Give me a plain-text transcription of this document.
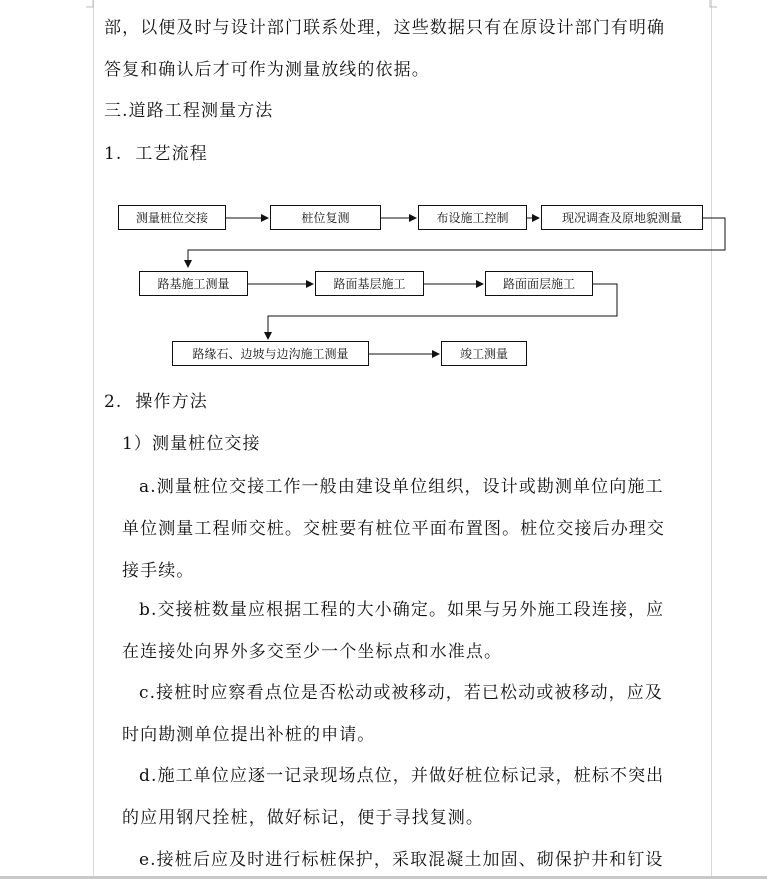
部，以便及时与设计部门联系处理，这些数据只有在原设计部门有明确
答复和确认后才可作为测量放线的依据。
三.道路工程测量方法
1.  工艺流程
测量桩位交接	桩位复测	布设施工控制	现况调查及原地貌测量
路基施工测量	路面基层施工	路面面层施工
路缘石、边坡与边沟施工测量	竣工测量
2.  操作方法
1）测量桩位交接
a.测量桩位交接工作一般由建设单位组织，设计或勘测单位向施工
单位测量工程师交桩。交桩要有桩位平面布置图。桩位交接后办理交
接手续。
b.交接桩数量应根据工程的大小确定。如果与另外施工段连接，应
在连接处向界外多交至少一个坐标点和水准点。
c.接桩时应察看点位是否松动或被移动，若已松动或被移动，应及
时向勘测单位提出补桩的申请。
d.施工单位应逐一记录现场点位，并做好桩位标记录，桩标不突出
的应用钢尺拴桩，做好标记，便于寻找复测。
e.接桩后应及时进行标桩保护，采取混凝土加固、砌保护井和钉设
